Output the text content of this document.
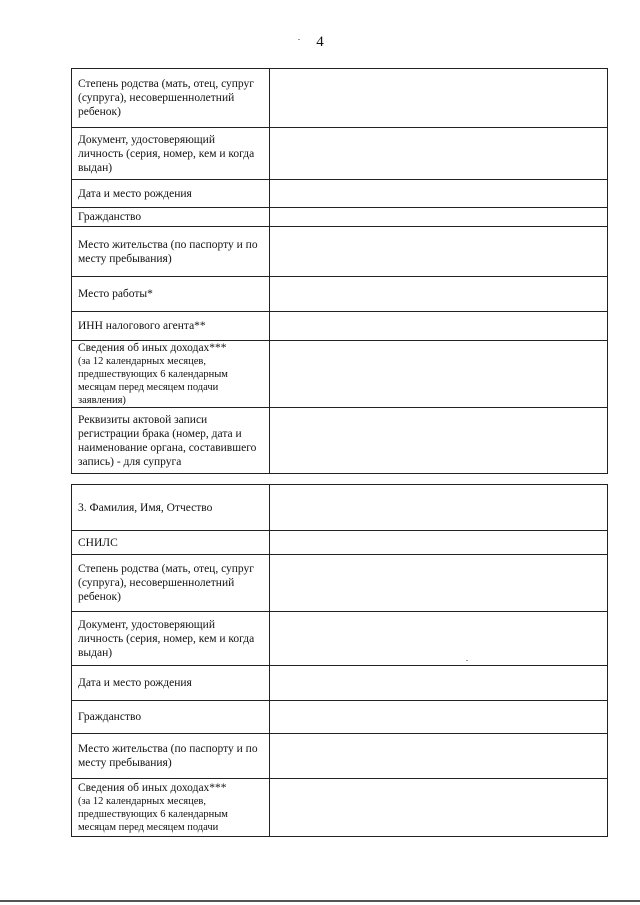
4
Степень родства (мать, отец, супруг (супруга), несовершеннолетний ребенок)	
Документ, удостоверяющий личность (серия, номер, кем и когда выдан)	
Дата и место рождения	
Гражданство	
Место жительства (по паспорту и по месту пребывания)	
Место работы*	
ИНН налогового агента**	
Сведения об иных доходах***
(за 12 календарных месяцев, предшествующих 6 календарным месяцам перед месяцем подачи заявления)	

Реквизиты актовой записи регистрации брака (номер, дата и наименование органа, составившего запись) - для супруга	
3. Фамилия, Имя, Отчество	
СНИЛС	
Степень родства (мать, отец, супруг (супруга), несовершеннолетний ребенок)	
Документ, удостоверяющий личность (серия, номер, кем и когда выдан)	
Дата и место рождения	
Гражданство	
Место жительства (по паспорту и по месту пребывания)	
Сведения об иных доходах***
(за 12 календарных месяцев, предшествующих 6 календарным месяцам перед месяцем подачи	
